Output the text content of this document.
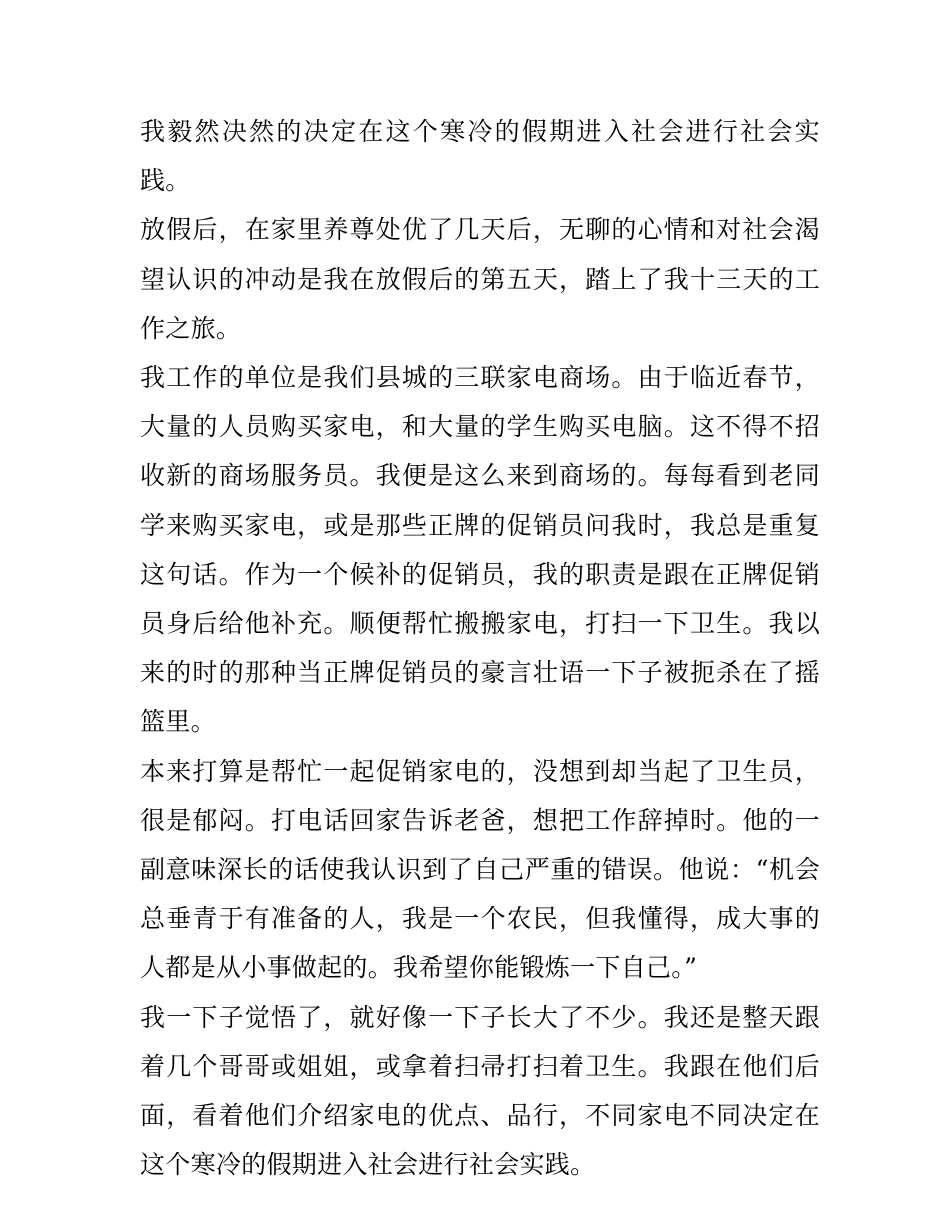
我毅然决然的决定在这个寒冷的假期进入社会进行社会实践。

放假后，在家里养尊处优了几天后，无聊的心情和对社会渴望认识的冲动是我在放假后的第五天，踏上了我十三天的工作之旅。

我工作的单位是我们县城的三联家电商场。由于临近春节，大量的人员购买家电，和大量的学生购买电脑。这不得不招收新的商场服务员。我便是这么来到商场的。每每看到老同学来购买家电，或是那些正牌的促销员问我时，我总是重复这句话。作为一个候补的促销员，我的职责是跟在正牌促销员身后给他补充。顺便帮忙搬搬家电，打扫一下卫生。我以来的时的那种当正牌促销员的豪言壮语一下子被扼杀在了摇篮里。

本来打算是帮忙一起促销家电的，没想到却当起了卫生员，很是郁闷。打电话回家告诉老爸，想把工作辞掉时。他的一副意味深长的话使我认识到了自己严重的错误。他说：“机会总垂青于有准备的人，我是一个农民，但我懂得，成大事的人都是从小事做起的。我希望你能锻炼一下自己。”

我一下子觉悟了，就好像一下子长大了不少。我还是整天跟着几个哥哥或姐姐，或拿着扫帚打扫着卫生。我跟在他们后面，看着他们介绍家电的优点、品行，不同家电不同决定在这个寒冷的假期进入社会进行社会实践。
